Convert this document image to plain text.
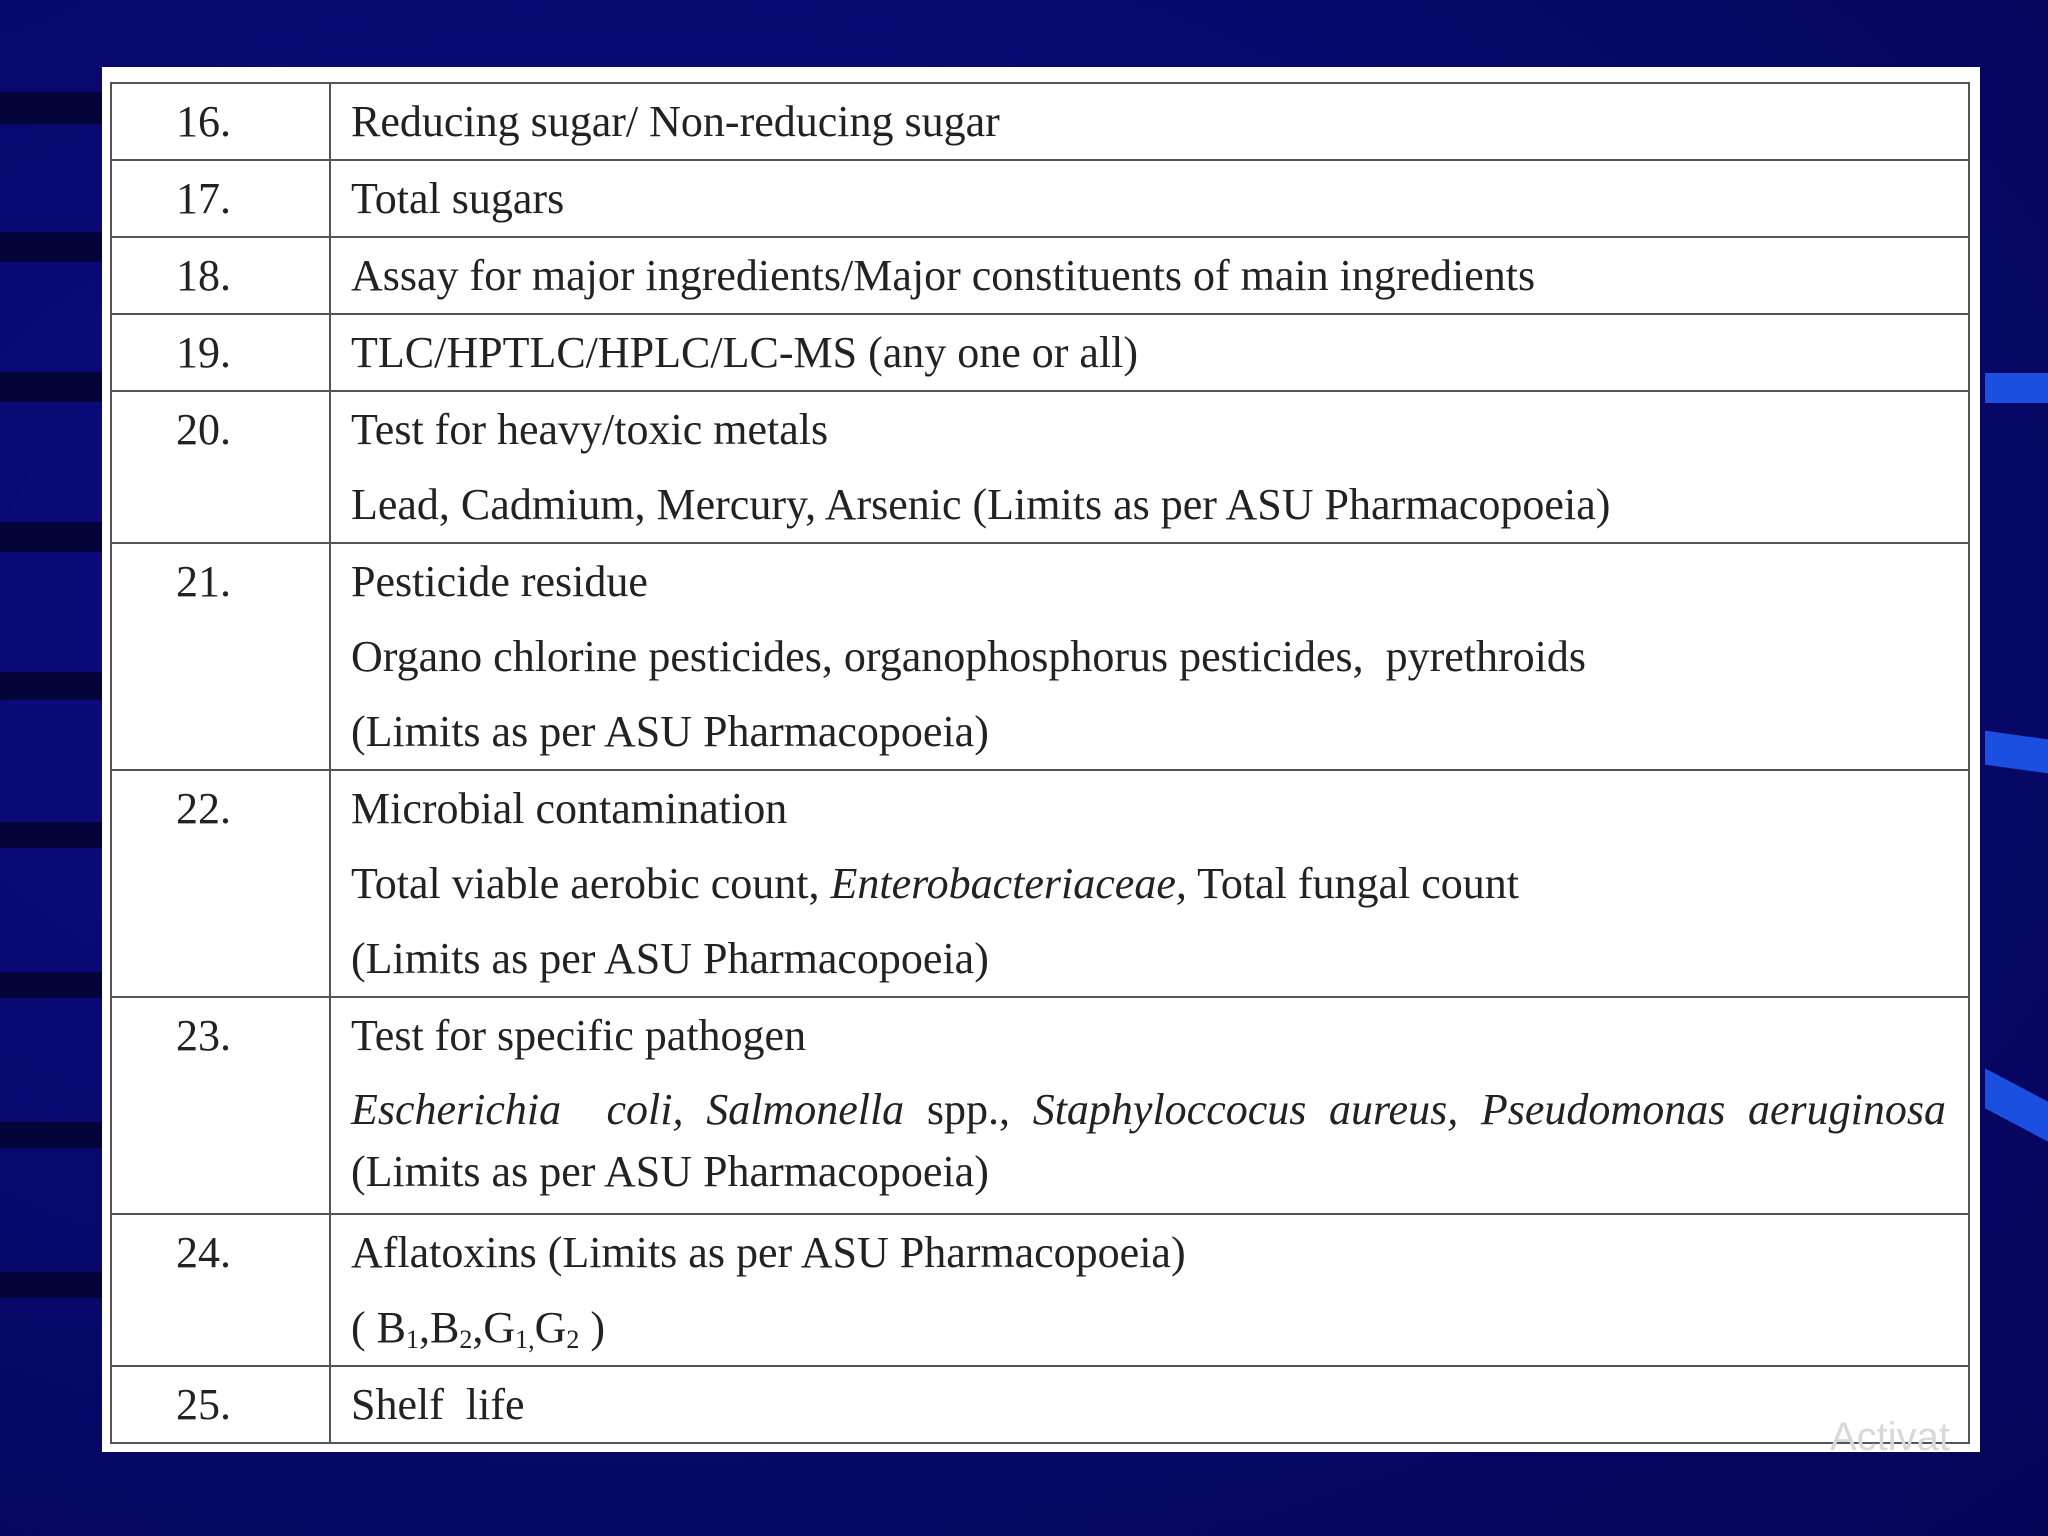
16.	Reducing sugar/ Non-reducing sugar

17.	Total sugars

18.	Assay for major ingredients/Major constituents of main ingredients

19.	TLC/HPTLC/HPLC/LC-MS (any one or all)

20.	Test for heavy/toxic metals
Lead, Cadmium, Mercury, Arsenic (Limits as per ASU Pharmacopoeia)

21.	Pesticide residue
Organo chlorine pesticides, organophosphorus pesticides,  pyrethroids
(Limits as per ASU Pharmacopoeia)

22.	Microbial contamination
Total viable aerobic count, Enterobacteriaceae, Total fungal count
(Limits as per ASU Pharmacopoeia)

23.	Test for specific pathogen
Escherichia  coli, Salmonella spp., Staphyloccocus aureus, Pseudomonas aeruginosa (Limits as per ASU Pharmacopoeia)

24.	Aflatoxins (Limits as per ASU Pharmacopoeia)
( $B_1,B_2,G_{1,}G_2$ )

25.	Shelf  life
Activat
